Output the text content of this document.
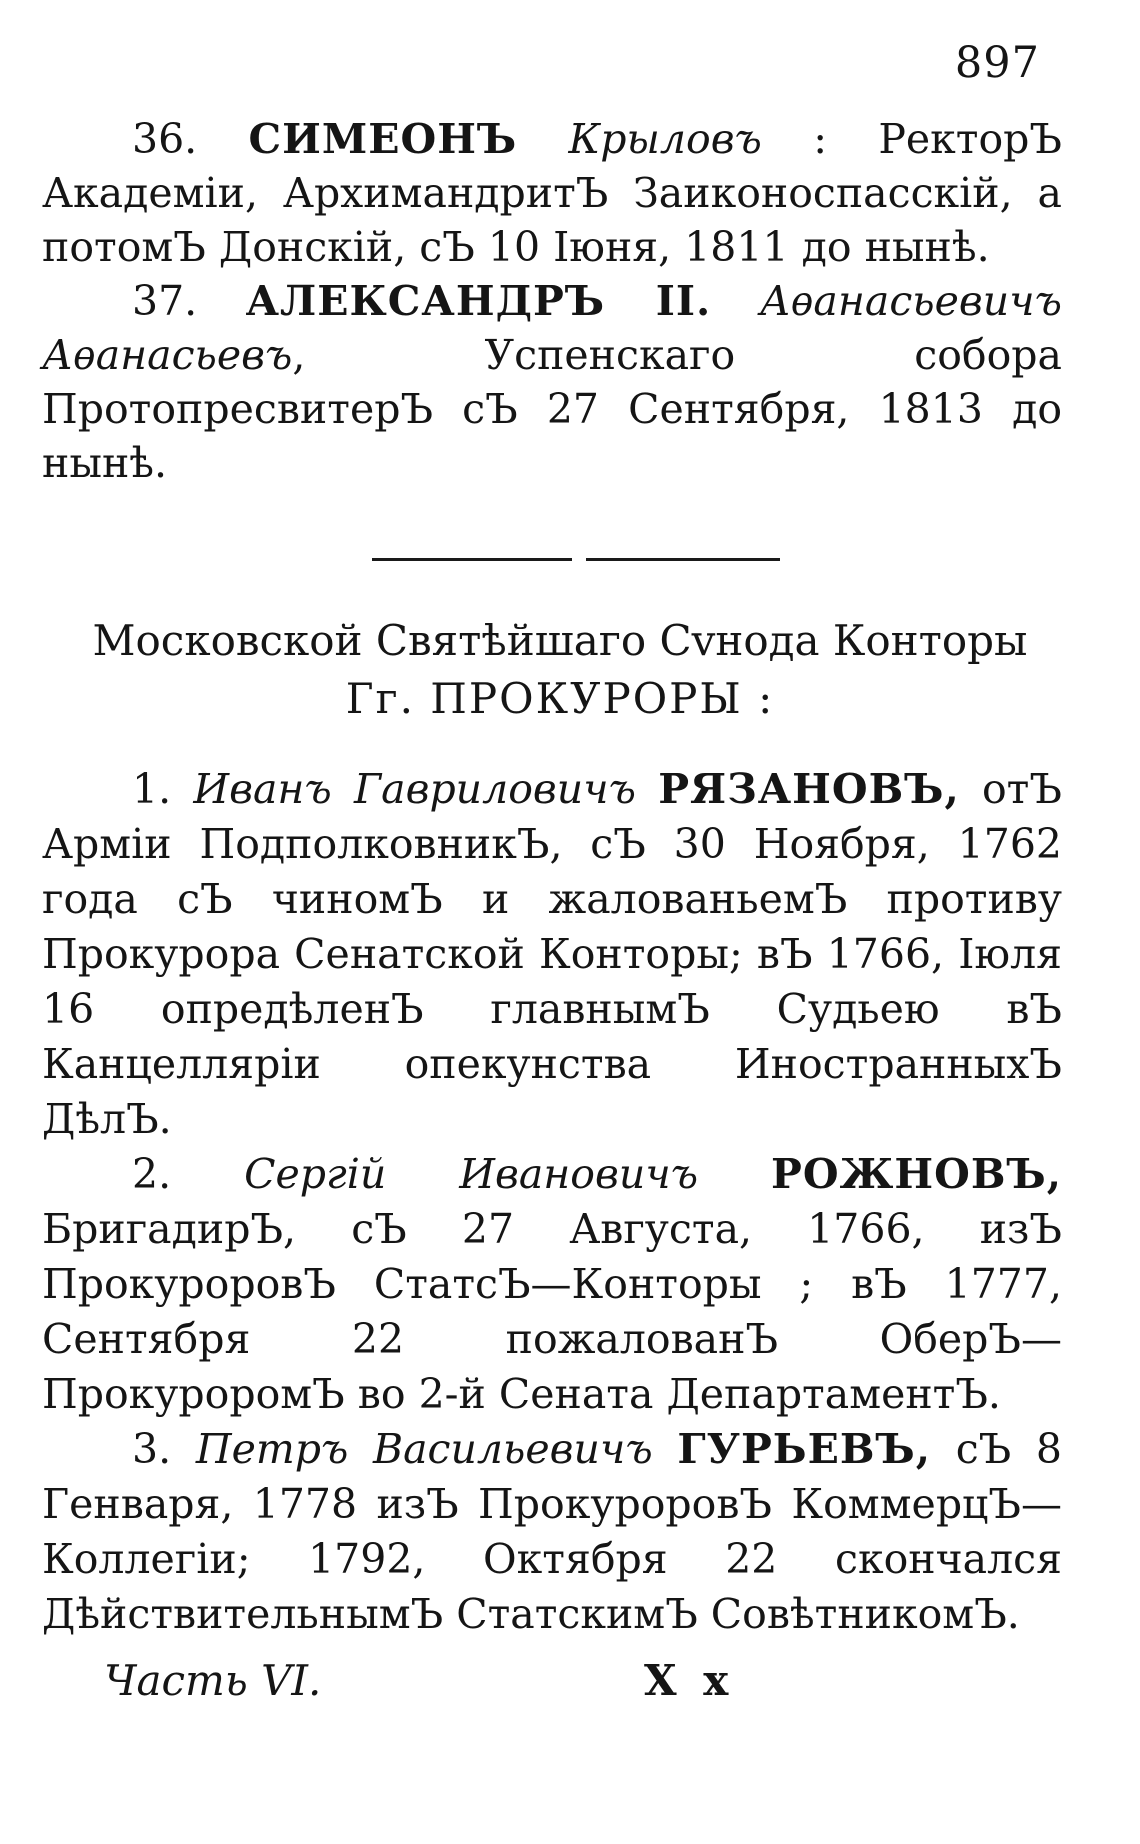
897

36. СИМЕОНЪ Крыловъ : РекторЪ Академіи, АрхимандритЪ Заиконоспасскій, а потомЪ Донскій, сЪ 10 Іюня, 1811 до нынѣ.

37. АЛЕКСАНДРЪ II. Аѳанасьевичъ Аѳанасьевъ, Успенскаго собора ПротопресвитерЪ сЪ 27 Сентября, 1813 до нынѣ.

Московской Святѣйшаго Сvнода Конторы
Гг. ПРОКУРОРЫ :

1. Иванъ Гавриловичъ РЯЗАНОВЪ, отЪ Арміи ПодполковникЪ, сЪ 30 Ноября, 1762 года сЪ чиномЪ и жалованьемЪ противу Прокурора Сенатской Конторы; вЪ 1766, Іюля 16 опредѣленЪ главнымЪ Судьею вЪ Канцелляріи опекунства ИностранныхЪ ДѣлЪ.

2. Сергій Ивановичъ РОЖНОВЪ, БригадирЪ, сЪ 27 Августа, 1766, изЪ ПрокуроровЪ СтатсЪ—Конторы ; вЪ 1777, Сентября 22 пожалованЪ ОберЪ—ПрокуроромЪ во 2-й Сената ДепартаментЪ.

3. Петръ Васильевичъ ГУРЬЕВЪ, сЪ 8 Генваря, 1778 изЪ ПрокуроровЪ КоммерцЪ—Коллегіи; 1792, Октября 22 скончался ДѣйствительнымЪ СтатскимЪ СовѣтникомЪ.

Часть VI.	Х х
